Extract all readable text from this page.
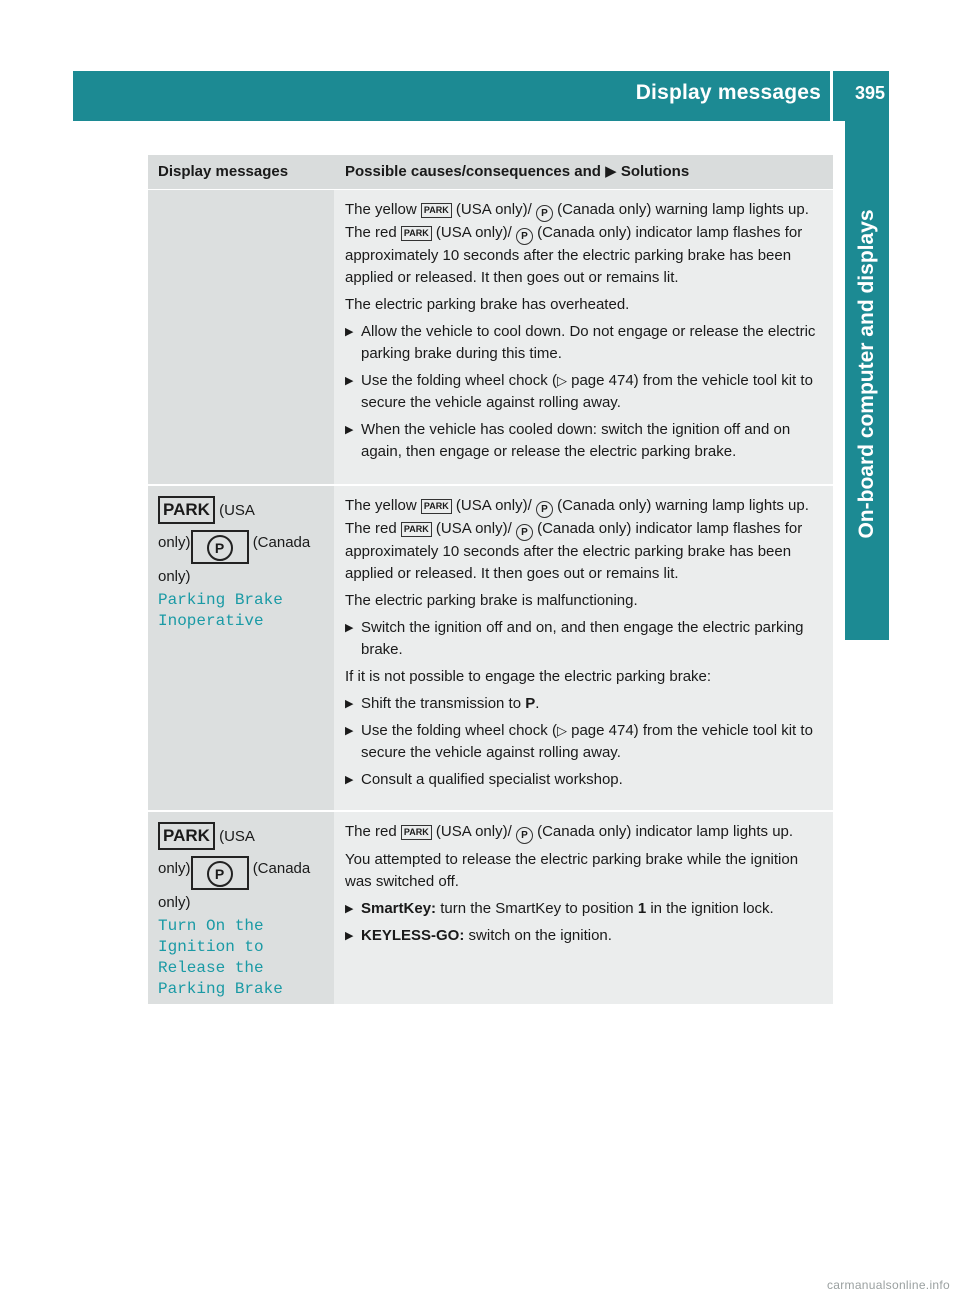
Display messages 395
On-board computer and displays
Display messages	Possible causes/consequences and ▶ Solutions

The yellow PARK (USA only)/ P (Canada only) warning lamp lights up. The red PARK (USA only)/ P (Canada only) indicator lamp flashes for approximately 10 seconds after the electric parking brake has been applied or released. It then goes out or remains lit.

The electric parking brake has overheated.

▶ Allow the vehicle to cool down. Do not engage or release the electric parking brake during this time.
▶ Use the folding wheel chock (▷ page 474) from the vehicle tool kit to secure the vehicle against rolling away.
▶ When the vehicle has cooled down: switch the ignition off and on again, then engage or release the electric parking brake.
PARK (USA
only) P (Canada
only)
Parking Brake
Inoperative

The yellow PARK (USA only)/ P (Canada only) warning lamp lights up. The red PARK (USA only)/ P (Canada only) indicator lamp flashes for approximately 10 seconds after the electric parking brake has been applied or released. It then goes out or remains lit.

The electric parking brake is malfunctioning.

▶ Switch the ignition off and on, and then engage the electric parking brake.

If it is not possible to engage the electric parking brake:

▶ Shift the transmission to P.
▶ Use the folding wheel chock (▷ page 474) from the vehicle tool kit to secure the vehicle against rolling away.
▶ Consult a qualified specialist workshop.
PARK (USA
only) P (Canada
only)
Turn On the
Ignition to
Release the
Parking Brake

The red PARK (USA only)/ P (Canada only) indicator lamp lights up.

You attempted to release the electric parking brake while the ignition was switched off.

▶ SmartKey: turn the SmartKey to position 1 in the ignition lock.
▶ KEYLESS-GO: switch on the ignition.
carmanualsonline.info
